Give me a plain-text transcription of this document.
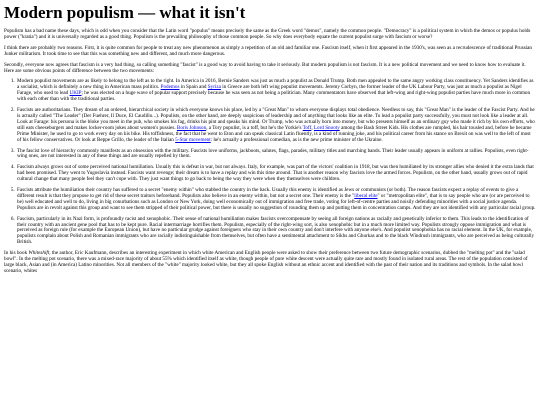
Modern populism — what it isn't

Populism has a bad name these days, which is odd when you consider that the Latin word "populus" means precisely the same as the Greek word "demos", namely the common people. "Democracy" is a political system in which the demos or populus holds power ("kratia") and it is universally regarded as a good thing. Populism is the prevailing philosophy of those common people. So why does everybody equate the current populist surge with fascism or worse?

I think there are probably two reasons. First, it is quite common for people to treat any new phenomenon as simply a repetition of an old and familiar one. Fascism itself, when it first appeared in the 1930's, was seen as a recrudescence of traditional Prussian Junker militarism. It took time to see that this was something new and different, and much more dangerous.

Secondly, everyone now agrees that fascism is a very bad thing, so calling something "fascist" is a good way to avoid having to take it seriously. But modern populism is not fascism. It is a new political movement and we need to know how to evaluate it. Here are some obvious points of difference between the two movements:

1. Modern populist movements are as likely to belong to the left as to the right. In America in 2016, Bernie Sanders was just as much a populist as Donald Trump. Both men appealed to the same angry working class constituency. Yet Sanders identifies as a socialist, which is definitely a new thing in American mass politics. Podemos in Spain and Syriza in Greece are both left wing populist movements. Jeremy Corbyn, the former leader of the UK Labour Party, was just as much a populist as Nigel Farage, who used to lead UKIP; he was elected on a huge wave of popular support precisely because he was seen as not being a politician. Many commentators have observed that left-wing and right-wing populist parties have much more in common with each other than with the traditional parties.
2. Fascists are authoritarians. They dream of an ordered, hierarchical society in which everyone knows his place, led by a "Great Man" to whom everyone displays total obedience. Needless to say, this "Great Man" is the leader of the Fascist Party. And he is actually called "The Leader" (Der Fuehrer, Il Duce, El Caudillo...). Populists, on the other hand, are deeply suspicious of leadership and of anything that looks like an elite. To lead a populist party successfully, you must not look like a leader at all. Look at Farage: his persona is the bloke you meet in the pub, who smokes his fag, drinks his pint and speaks his mind. Or Trump, who was actually born into money, but who presents himself as an ordinary guy who made it rich by his own efforts, who still eats cheeseburgers and makes locker-room jokes about women's pussies. Boris Johnson, a Tory populist, is a toff, but he's the Yorkie's Toff, Lord Snooty among the Bash Street Kids. His clothes are rumpled, his hair tousled and, before he became Prime Minister, he used to go to work every day on his bike. His toffishness, the fact that he went to Eton and can speak classical Latin fluently, is a kind of running joke, and his political career from his stance on Brexit on was well to the left of most of his fellow conservatives. Or look at Beppe Grillo, the leader of the Italian 5-Star movement: he's actually a professional comedian, as is the new prime minister of the Ukraine.
3. The fascist love of hierarchy commonly manifests as an obsession with the military. Fascists love uniforms, jackboots, salutes, flags, parades, military titles and marching bands. Their leader usually appears in uniform at rallies. Populists, even right-wing ones, are not interested in any of these things and are usually repelled by them.
4. Fascism always grows out of some perceived national humiliation. Usually this is defeat in war, but not always. Italy, for example, was part of the victors' coalition in 1918, but was then humiliated by its stronger allies who denied it the extra lands that had been promised. They went to Yugoslavia instead. Fascists want revenge; their dream is to have a replay and win this time around. That is another reason why fascists love the armed forces. Populism, on the other hand, usually grows out of rapid cultural change that many people feel they can't cope with. They just want things to go back to being the way they were when they themselves were children.
5. Fascists attribute the humiliation their country has suffered to a secret "enemy within" who stabbed the country in the back. Usually this enemy is identified as Jews or communists (or both). The reason fascists expect a replay of events to give a different result is that they propose to get rid of these secret traitors beforehand. Populists also believe in an enemy within, but not a secret one. Their enemy is the "liberal elite" or "metropolitan elite", that is to say people who are (or are perceived to be) well educated and well to do, living in big conurbations such as London or New York, doing well economically out of immigration and free trade, voting for left-of-centre parties and noisily defending minorities with a social justice agenda. Populists are in revolt against this group and want to see them stripped of their political power, but there is usually no suggestion of rounding them up and putting them in concentration camps. And they are not identified with any particular racial group.
6. Fascism, particularly in its Nazi form, is profoundly racist and xenophobic. Their sense of national humiliation makes fascists overcompensate by seeing all foreign nations as racially and genetically inferior to them. This leads to the identification of their country with an ancient gene pool that has to be kept pure. Racial intermarriage horrifies them. Populism, especially of the right-wing sort, is also xenophobic but in a much more limited way. Populists strongly oppose immigration and what is perceived as foreign rule (for example the European Union), but have no particular grudge against foreigners who stay in their own country and don't interfere with anyone else's. And populist xenophobia has no racial element. In the UK, for example, populists complain about Polish and Romanian immigrants who are racially indistinguishable from themselves, but often have a sentimental attachment to Sikhs and Ghurkas and to the black Windrush immigrants, who are perceived as being culturally British.

In his book Whiteshift, the author, Eric Kaufmann, describes an interesting experiment in which white American and English people were asked to show their preference between two future demographic scenarios, dubbed the "melting pot" and the "salad bowl". In the melting pot scenario, there was a mixed-race majority of about 55% which identified itself as white, though people of pure white descent were actually quite rare and mostly found in isolated rural areas. The rest of the population consisted of large black, Asian and (in America) Latino minorities. Not all members of the "white" majority looked white, but they all spoke English without an ethnic accent and identified with the past of their nation and its traditions and symbols. In the salad bowl scenario, whites
